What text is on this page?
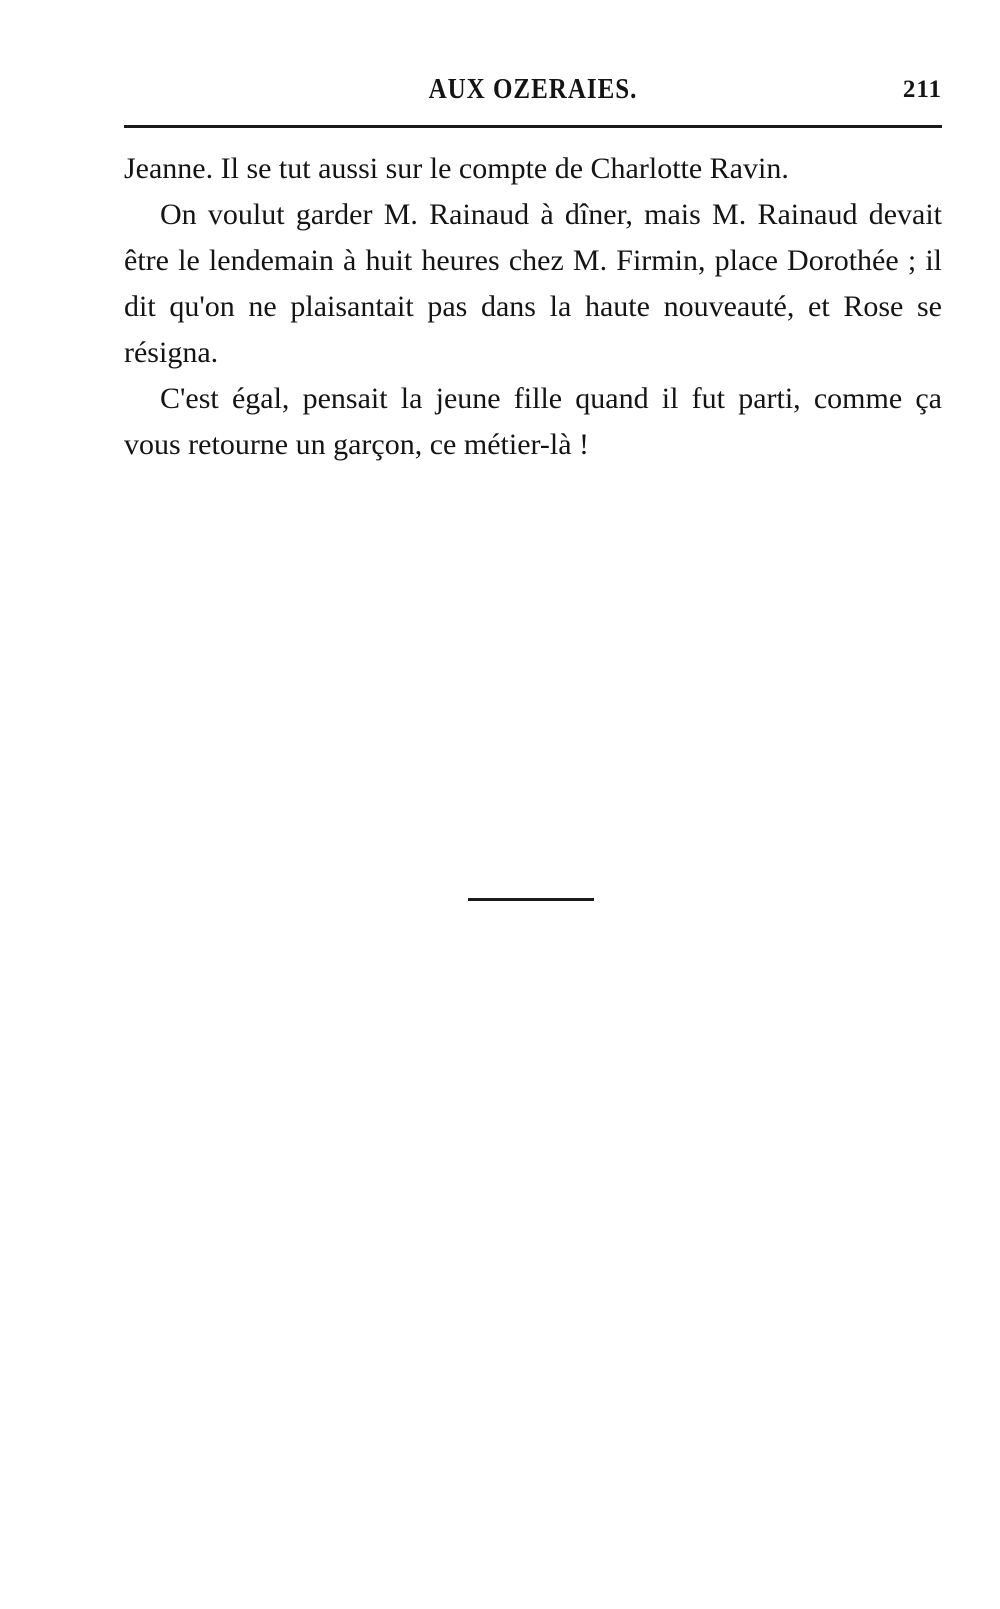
AUX OZERAIES.	211

Jeanne. Il se tut aussi sur le compte de Charlotte Ravin.

On voulut garder M. Rainaud à dîner, mais M. Rainaud devait être le lendemain à huit heures chez M. Firmin, place Dorothée ; il dit qu'on ne plaisantait pas dans la haute nouveauté, et Rose se résigna.

C'est égal, pensait la jeune fille quand il fut parti, comme ça vous retourne un garçon, ce métier-là !
